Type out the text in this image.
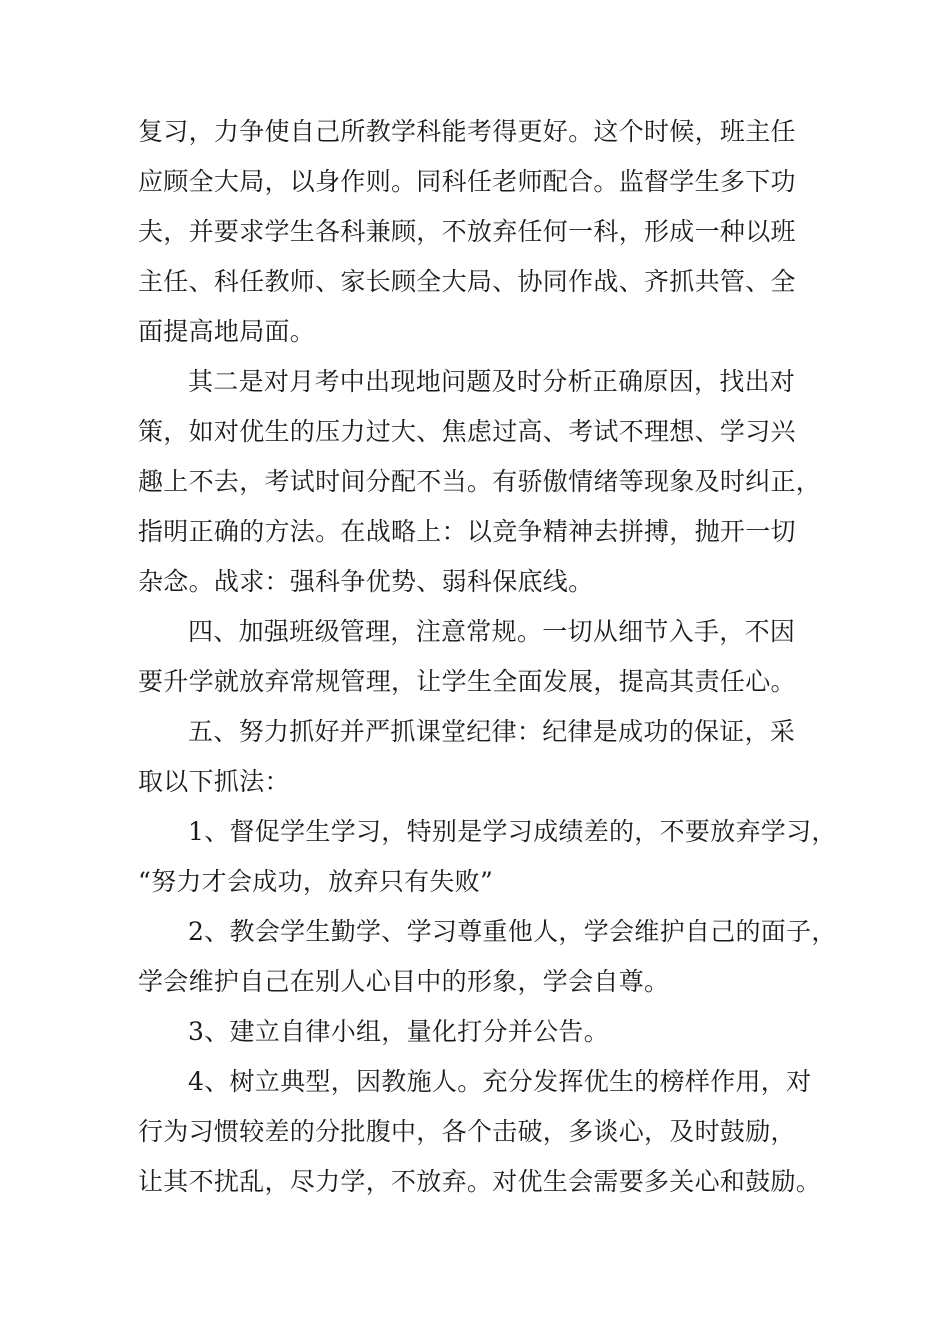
复习，力争使自己所教学科能考得更好。这个时候，班主任
应顾全大局，以身作则。同科任老师配合。监督学生多下功
夫，并要求学生各科兼顾，不放弃任何一科，形成一种以班
主任、科任教师、家长顾全大局、协同作战、齐抓共管、全
面提高地局面。
其二是对月考中出现地问题及时分析正确原因，找出对
策，如对优生的压力过大、焦虑过高、考试不理想、学习兴
趣上不去，考试时间分配不当。有骄傲情绪等现象及时纠正，
指明正确的方法。在战略上：以竞争精神去拼搏，抛开一切
杂念。战求：强科争优势、弱科保底线。
四、加强班级管理，注意常规。一切从细节入手，不因
要升学就放弃常规管理，让学生全面发展，提高其责任心。
五、努力抓好并严抓课堂纪律：纪律是成功的保证，采
取以下抓法：
1、督促学生学习，特别是学习成绩差的，不要放弃学习，
“努力才会成功，放弃只有失败”
2、教会学生勤学、学习尊重他人，学会维护自己的面子，
学会维护自己在别人心目中的形象，学会自尊。
3、建立自律小组，量化打分并公告。
4、树立典型，因教施人。充分发挥优生的榜样作用，对
行为习惯较差的分批腹中，各个击破，多谈心，及时鼓励，
让其不扰乱，尽力学，不放弃。对优生会需要多关心和鼓励。
